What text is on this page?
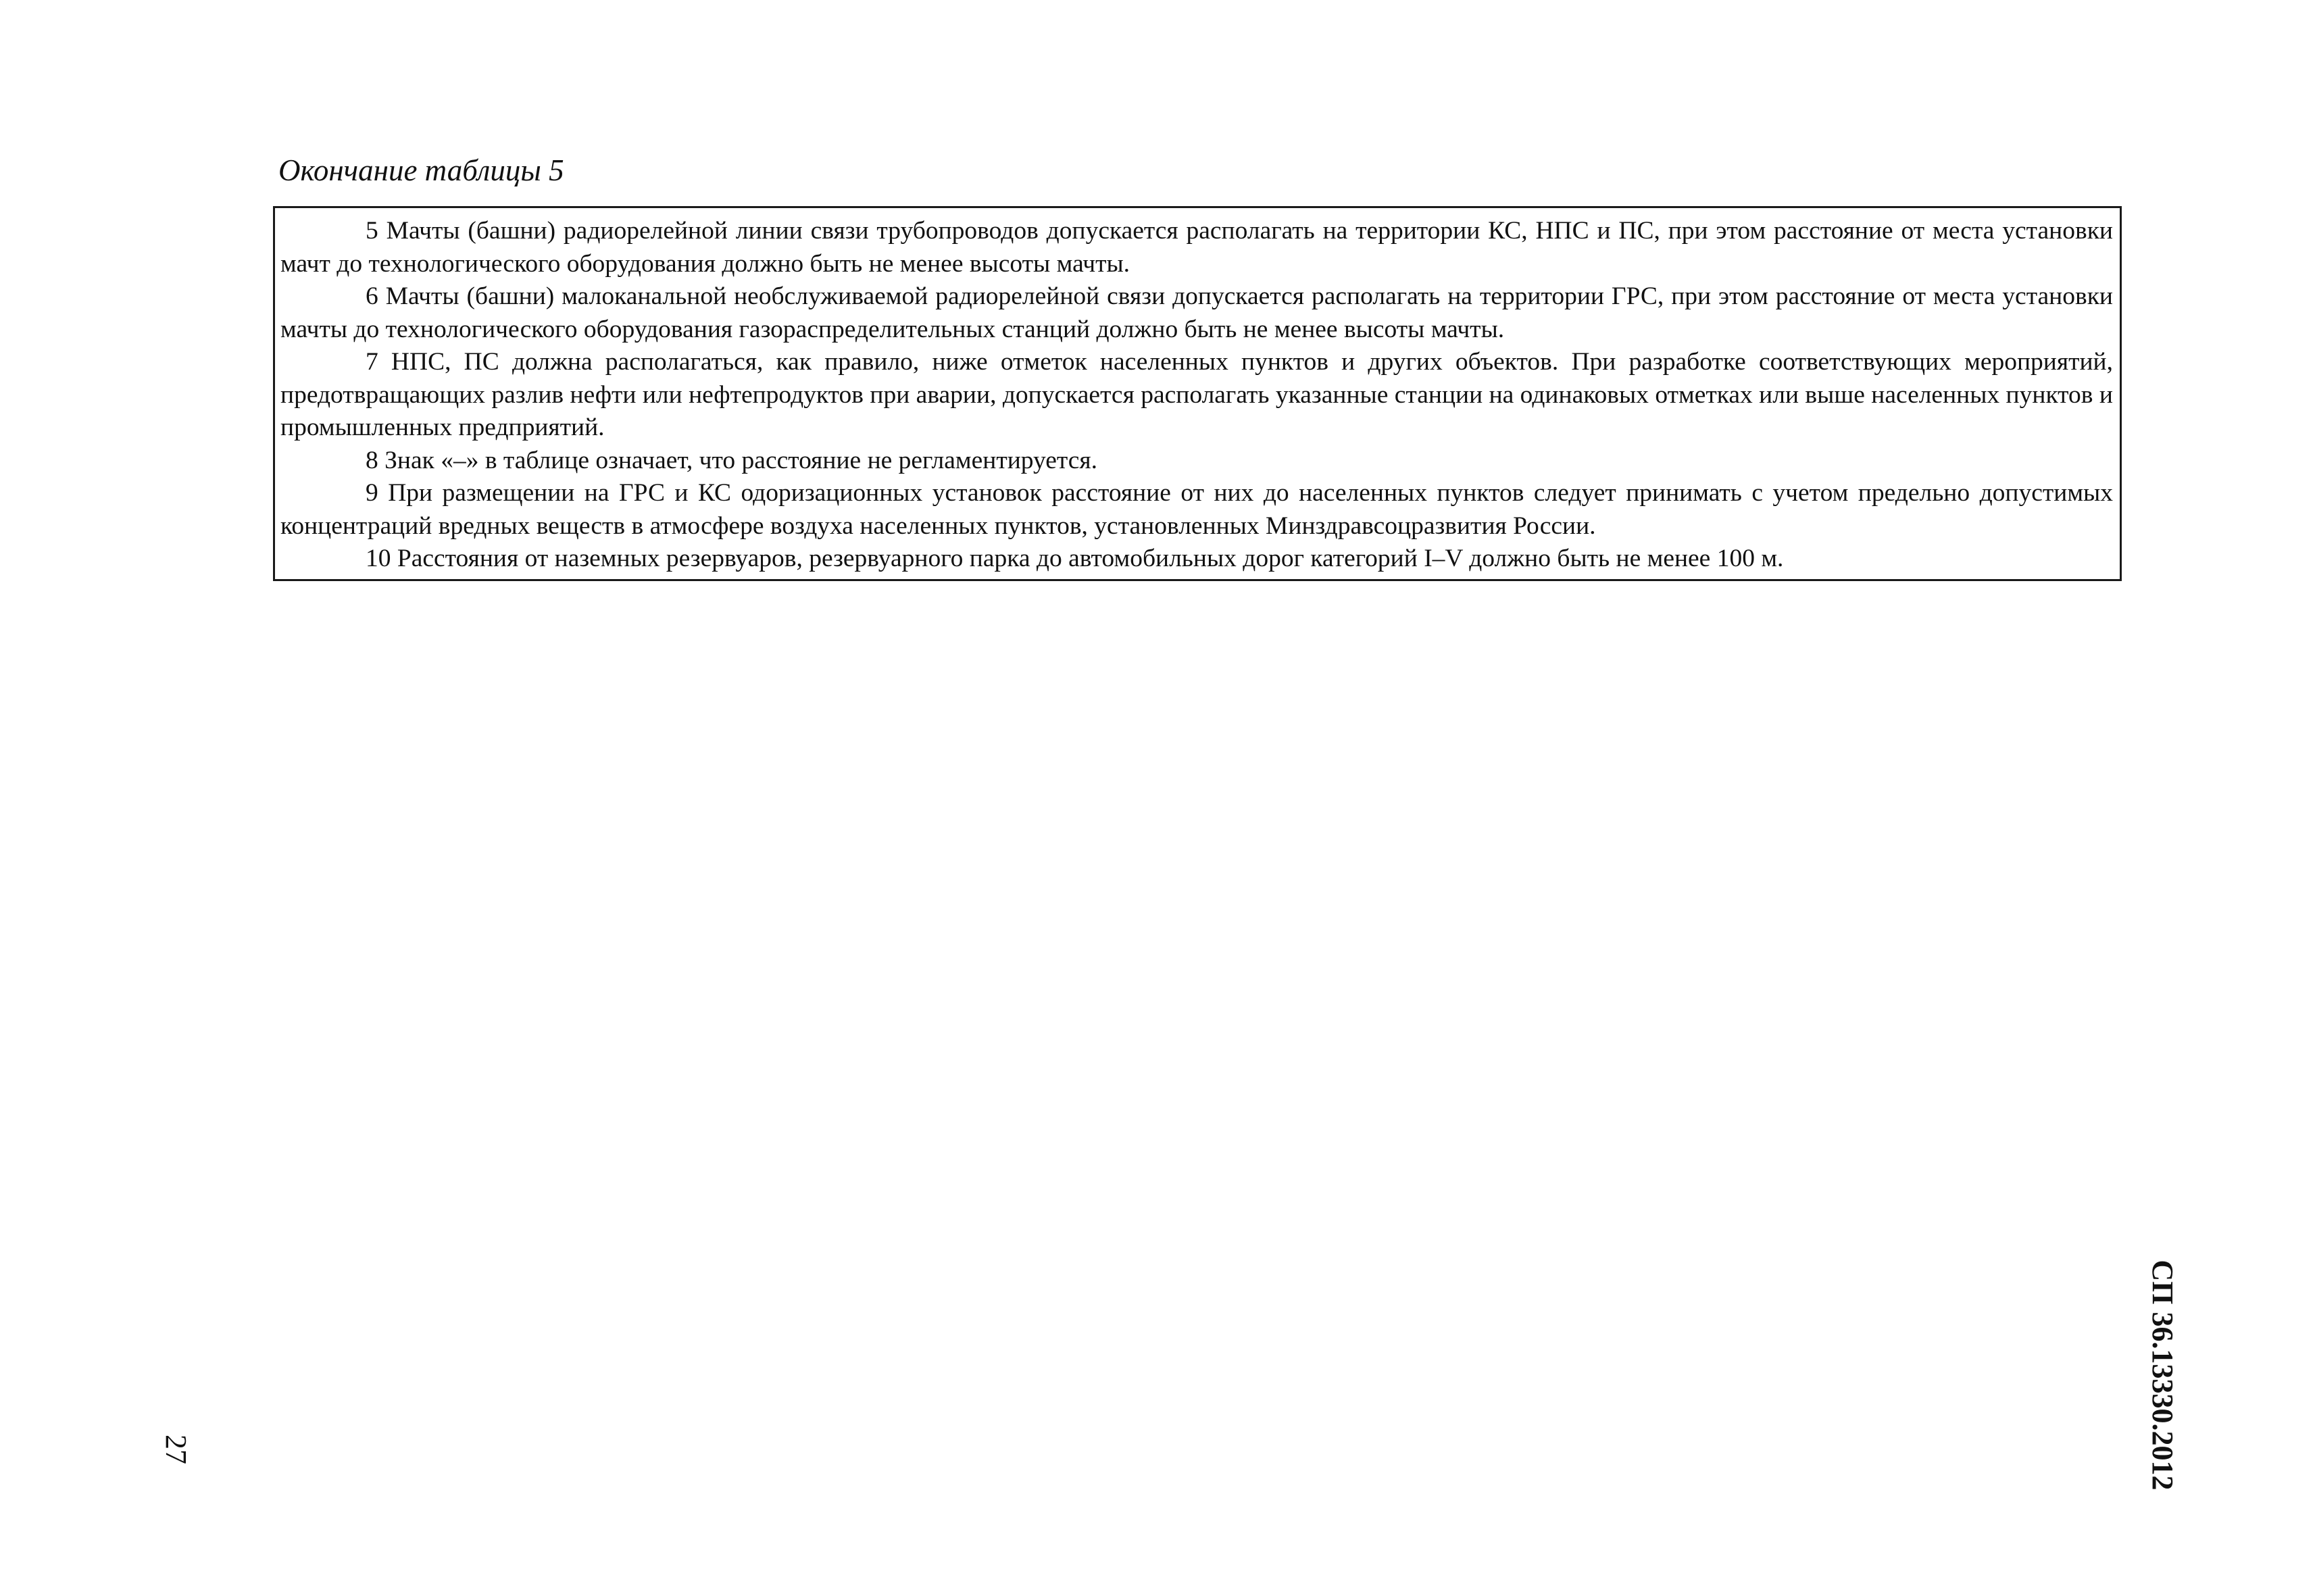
Окончание таблицы 5

5 Мачты (башни) радиорелейной линии связи трубопроводов допускается располагать на территории КС, НПС и ПС, при этом расстояние от места установки мачт до технологического оборудования должно быть не менее высоты мачты.

6 Мачты (башни) малоканальной необслуживаемой радиорелейной связи допускается располагать на территории ГРС, при этом расстояние от места установки мачты до технологического оборудования газораспределительных станций должно быть не менее высоты мачты.

7 НПС, ПС должна располагаться, как правило, ниже отметок населенных пунктов и других объектов. При разработке соответствующих мероприятий, предотвращающих разлив нефти или нефтепродуктов при аварии, допускается располагать указанные станции на одинаковых отметках или выше населенных пунктов и промышленных предприятий.

8 Знак «–» в таблице означает, что расстояние не регламентируется.

9 При размещении на ГРС и КС одоризационных установок расстояние от них до населенных пунктов следует принимать с учетом предельно допустимых концентраций вредных веществ в атмосфере воздуха населенных пунктов, установленных Минздравсоцразвития России.

10 Расстояния от наземных резервуаров, резервуарного парка до автомобильных дорог категорий I–V должно быть не менее 100 м.

СП 36.13330.2012
27
